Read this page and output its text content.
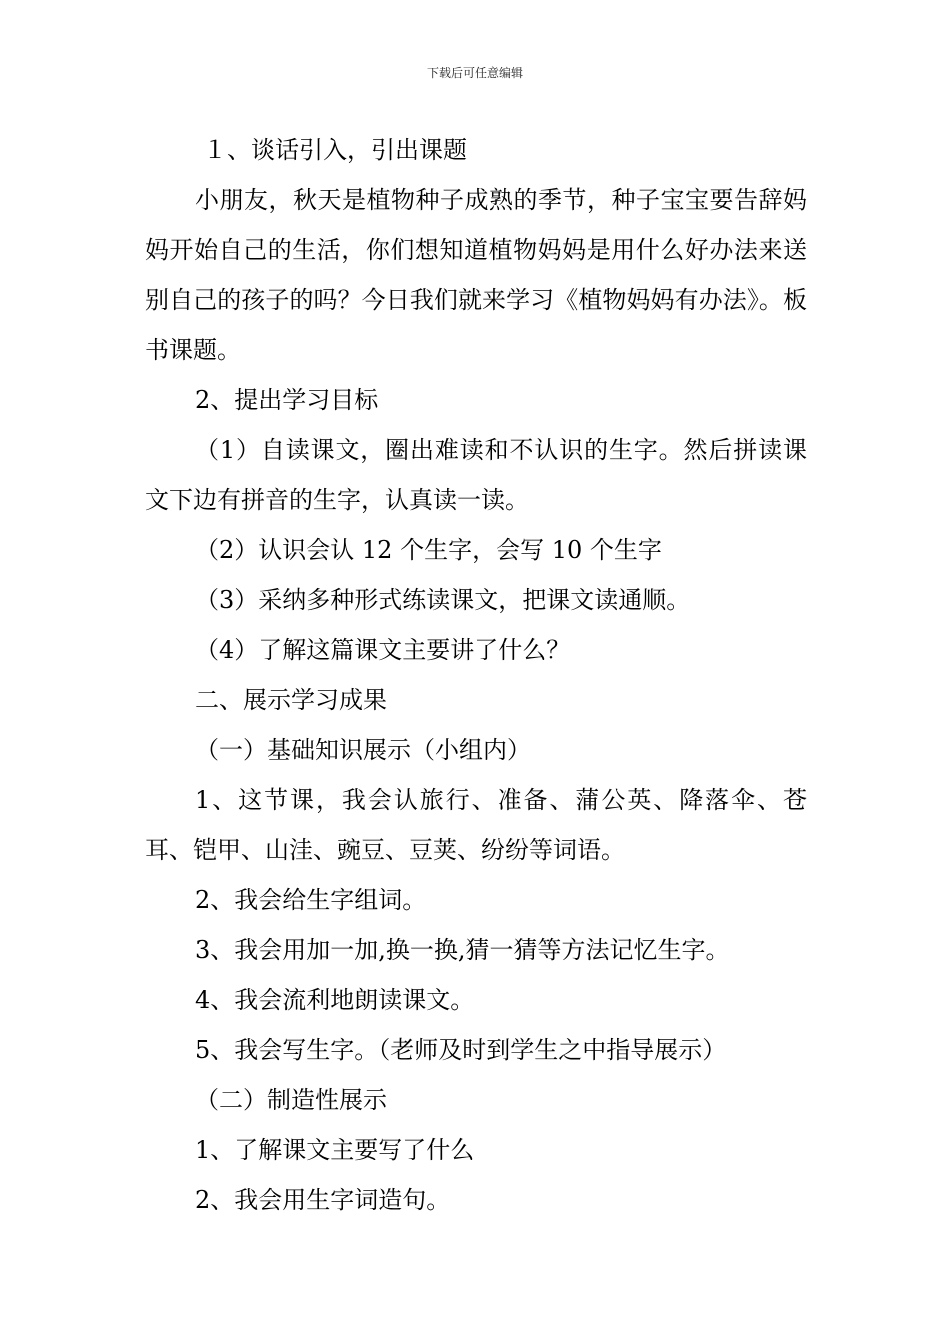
下载后可任意编辑

１、谈话引入，引出课题

小朋友，秋天是植物种子成熟的季节，种子宝宝要告辞妈妈开始自己的生活，你们想知道植物妈妈是用什么好办法来送别自己的孩子的吗？今日我们就来学习《植物妈妈有办法》。板书课题。

2、提出学习目标

（1）自读课文，圈出难读和不认识的生字。然后拼读课文下边有拼音的生字，认真读一读。

（2）认识会认 12 个生字，会写 10 个生字

（3）采纳多种形式练读课文，把课文读通顺。

（4）了解这篇课文主要讲了什么？

二、展示学习成果

（一）基础知识展示（小组内）

1、这节课，我会认旅行、准备、蒲公英、降落伞、苍耳、铠甲、山洼、豌豆、豆荚、纷纷等词语。

2、我会给生字组词。

3、我会用加一加,换一换,猜一猜等方法记忆生字。

4、我会流利地朗读课文。

5、我会写生字。（老师及时到学生之中指导展示）

（二）制造性展示

1、了解课文主要写了什么

2、我会用生字词造句。
